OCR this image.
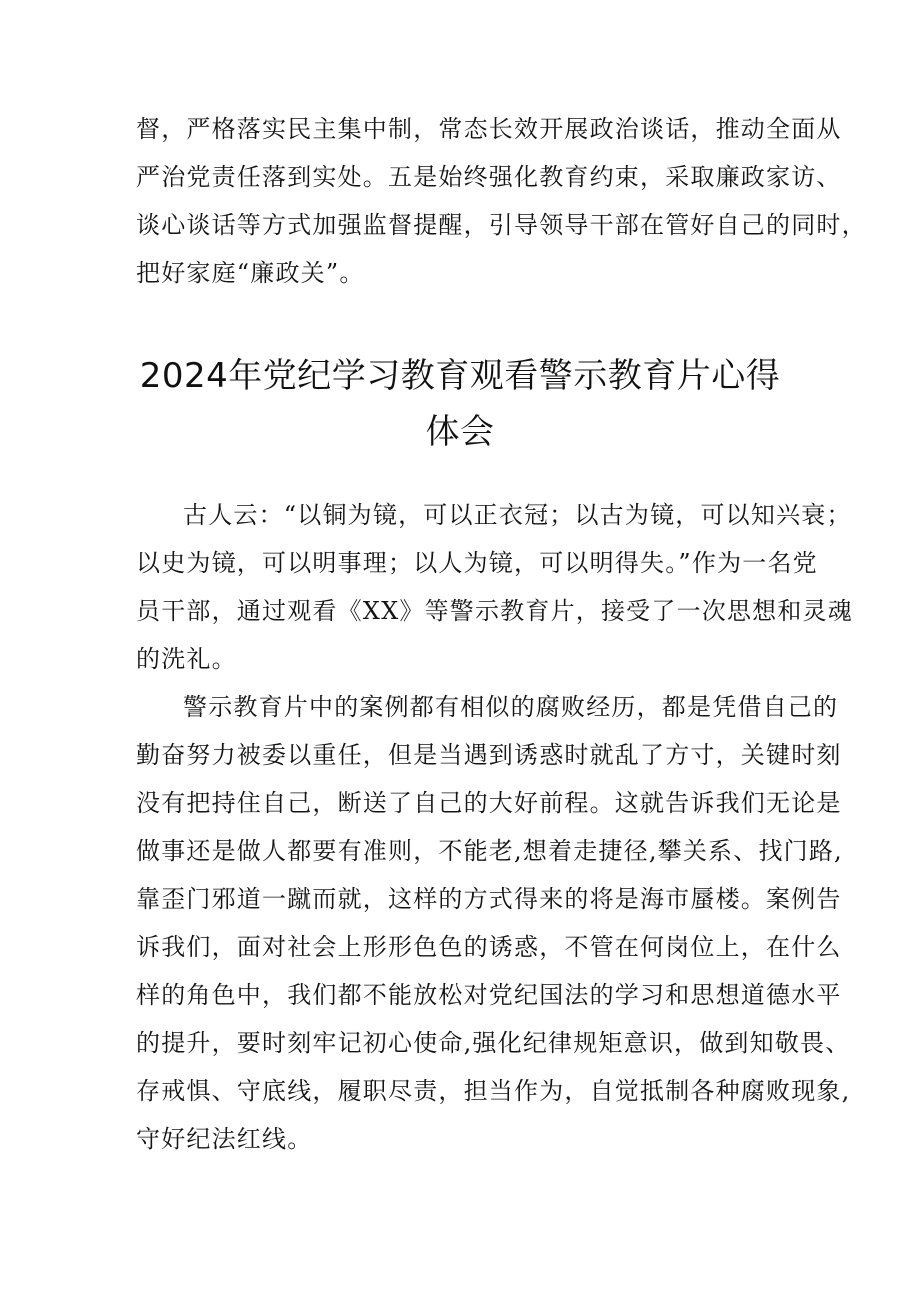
督，严格落实民主集中制，常态长效开展政治谈话，推动全面从
严治党责任落到实处。五是始终强化教育约束，采取廉政家访、
谈心谈话等方式加强监督提醒，引导领导干部在管好自己的同时，
把好家庭“廉政关”。
2024年党纪学习教育观看警示教育片心得
体会
古人云：“以铜为镜，可以正衣冠；以古为镜，可以知兴衰；
以史为镜，可以明事理；以人为镜，可以明得失。”作为一名党
员干部，通过观看《XX》等警示教育片，接受了一次思想和灵魂
的洗礼。
警示教育片中的案例都有相似的腐败经历，都是凭借自己的
勤奋努力被委以重任，但是当遇到诱惑时就乱了方寸，关键时刻
没有把持住自己，断送了自己的大好前程。这就告诉我们无论是
做事还是做人都要有准则，不能老,想着走捷径,攀关系、找门路,
靠歪门邪道一蹴而就，这样的方式得来的将是海市蜃楼。案例告
诉我们，面对社会上形形色色的诱惑，不管在何岗位上，在什么
样的角色中，我们都不能放松对党纪国法的学习和思想道德水平
的提升，要时刻牢记初心使命,强化纪律规矩意识，做到知敬畏、
存戒惧、守底线，履职尽责，担当作为，自觉抵制各种腐败现象,
守好纪法红线。
